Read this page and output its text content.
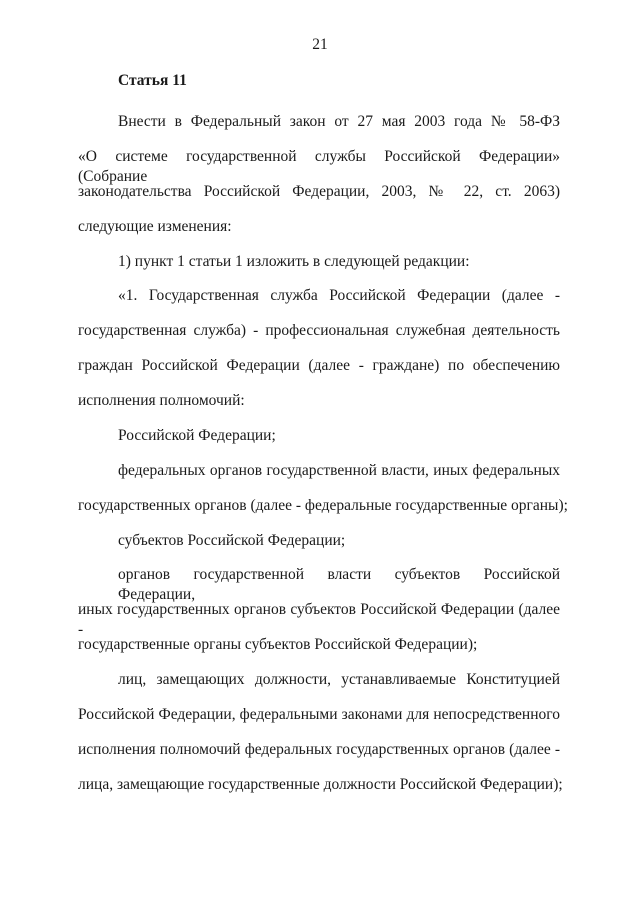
21
Статья 11
Внести в Федеральный закон от 27 мая 2003 года № 58-ФЗ
«О системе государственной службы Российской Федерации» (Собрание
законодательства Российской Федерации, 2003, № 22, ст. 2063)
следующие изменения:
1) пункт 1 статьи 1 изложить в следующей редакции:
«1. Государственная служба Российской Федерации (далее -
государственная служба) - профессиональная служебная деятельность
граждан Российской Федерации (далее - граждане) по обеспечению
исполнения полномочий:
Российской Федерации;
федеральных органов государственной власти, иных федеральных
государственных органов (далее - федеральные государственные органы);
субъектов Российской Федерации;
органов государственной власти субъектов Российской Федерации,
иных государственных органов субъектов Российской Федерации (далее -
государственные органы субъектов Российской Федерации);
лиц, замещающих должности, устанавливаемые Конституцией
Российской Федерации, федеральными законами для непосредственного
исполнения полномочий федеральных государственных органов (далее -
лица, замещающие государственные должности Российской Федерации);
